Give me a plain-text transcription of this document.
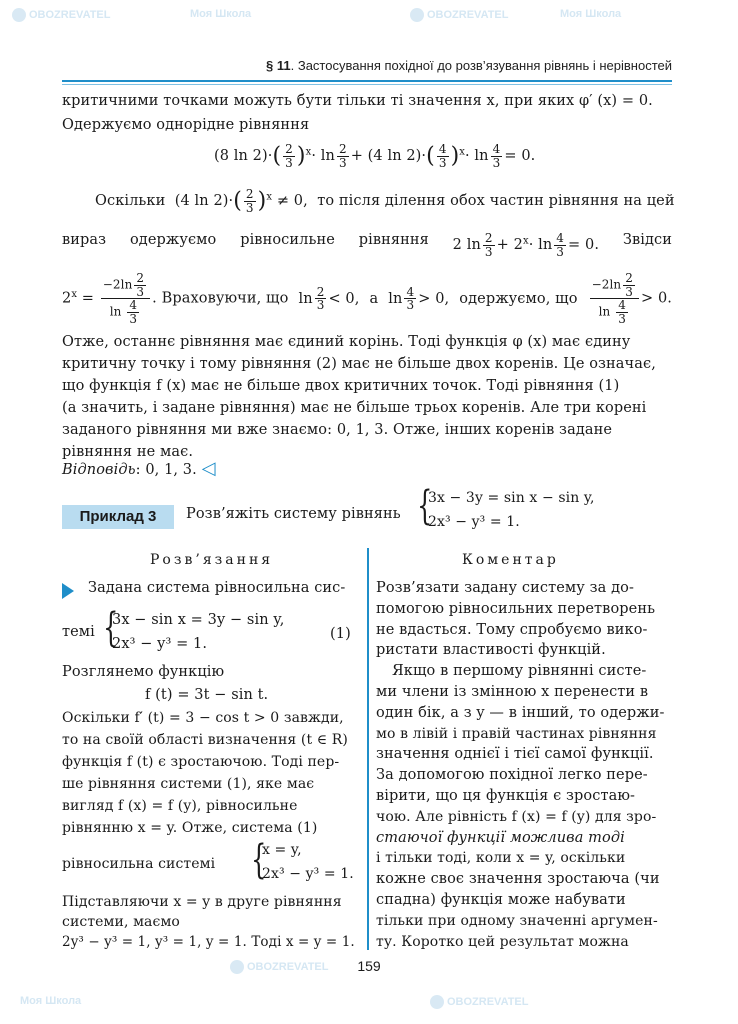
OBOZREVATEL	Моя Школа	OBOZREVATEL	Моя Школа
OBOZREVATEL
OBOZREVATEL
Моя Школа
§ 11. Застосування похідної до розв’язування рівнянь і нерівностей
критичними точками можуть бути тільки ті значення x, при яких φ′ (x) = 0.
Одержуємо однорідне рівняння
(8 $\ln 2)\cdot( \frac{2}{3} )^x\cdot \ln \frac{2}{3} + (4$ $\ln 2)\cdot( \frac{4}{3} )^x\cdot \ln \frac{4}{3} = 0$.
Оскільки (4 $\ln 2)\cdot( \frac{2}{3} )^x \ne 0$, то після ділення обох частин рівняння на цей
вираз одержуємо рівносильне рівняння 2 $\ln \frac{2}{3} + 2^x\cdot \ln \frac{4}{3} = 0$. Звідси
$2^x = \frac{-2\ln \frac{2}{3}}{\ln \frac{4}{3}}$ . Враховуючи, що $\ln \frac{2}{3} < 0$, а $\ln \frac{4}{3} > 0$, одержуємо, що $\frac{-2\ln \frac{2}{3}}{\ln \frac{4}{3}} > 0$.
Отже, останнє рівняння має єдиний корінь. Тоді функція φ (x) має єдину
критичну точку і тому рівняння (2) має не більше двох коренів. Це означає,
що функція f (x) має не більше двох критичних точок. Тоді рівняння (1)
(а значить, і задане рівняння) має не більше трьох коренів. Але три корені
заданого рівняння ми вже знаємо: 0, 1, 3. Отже, інших коренів задане
рівняння не має.
Відповідь: 0, 1, 3. ◁
Приклад 3	Розв’яжіть систему рівнянь {
3x − 3y = sin x − sin y,
2x³ − y³ = 1.
Розв’язання	Коментар
Задана система рівносильна сис-
темі {
3x − sin x = 3y − sin y,
2x³ − y³ = 1.
(1)
Розглянемо функцію
f (t) = 3t − sin t.
Оскільки f′ (t) = 3 − cos t > 0 завжди,
то на своїй області визначення (t ∈ R)
функція f (t) є зростаючою. Тоді пер-
ше рівняння системи (1), яке має
вигляд f (x) = f (y), рівносильне
рівнянню x = y. Отже, система (1)
рівносильна системі {
x = y,
2x³ − y³ = 1.
Підставляючи x = y в друге рівняння
системи, маємо
2y³ − y³ = 1, y³ = 1, y = 1. Тоді x = y = 1.
Розв’язати задану систему за до-
помогою рівносильних перетворень
не вдасться. Тому спробуємо вико-
ристати властивості функцій.
Якщо в першому рівнянні систе-
ми члени із змінною x перенести в
один бік, а з y — в інший, то одержи-
мо в лівій і правій частинах рівняння
значення однієї і тієї самої функції.
За допомогою похідної легко пере-
вірити, що ця функція є зростаю-
чою. Але рівність f (x) = f (y) для зро-
стаючої функції можлива тоді
і тільки тоді, коли x = y, оскільки
кожне своє значення зростаюча (чи
спадна) функція може набувати
тільки при одному значенні аргумен-
ту. Коротко цей результат можна
159
